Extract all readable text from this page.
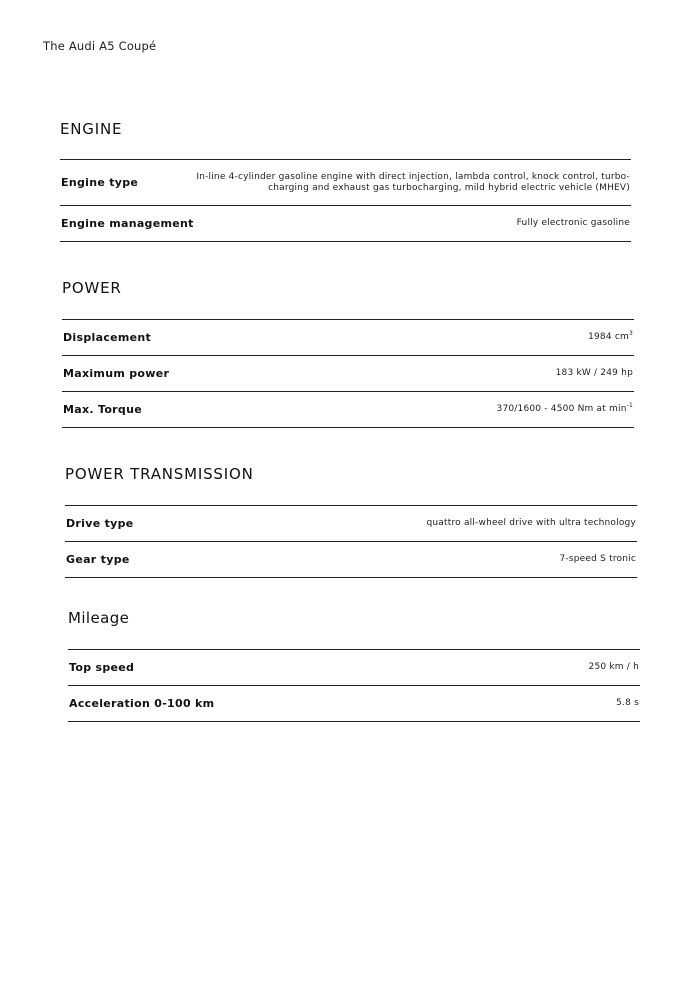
The Audi A5 Coupé
ENGINE
Engine type	In-line 4-cylinder gasoline engine with direct injection, lambda control, knock control, turbo-charging and exhaust gas turbocharging, mild hybrid electric vehicle (MHEV)
Engine management	Fully electronic gasoline
POWER
Displacement	1984 $cm^3$
Maximum power	183 kW / 249 hp
Max. Torque	370/1600 - 4500 Nm at $\min^{-1}$
POWER TRANSMISSION
Drive type	quattro all-wheel drive with ultra technology
Gear type	7-speed S tronic
Mileage
Top speed	250 km / h
Acceleration 0-100 km	5.8 s
